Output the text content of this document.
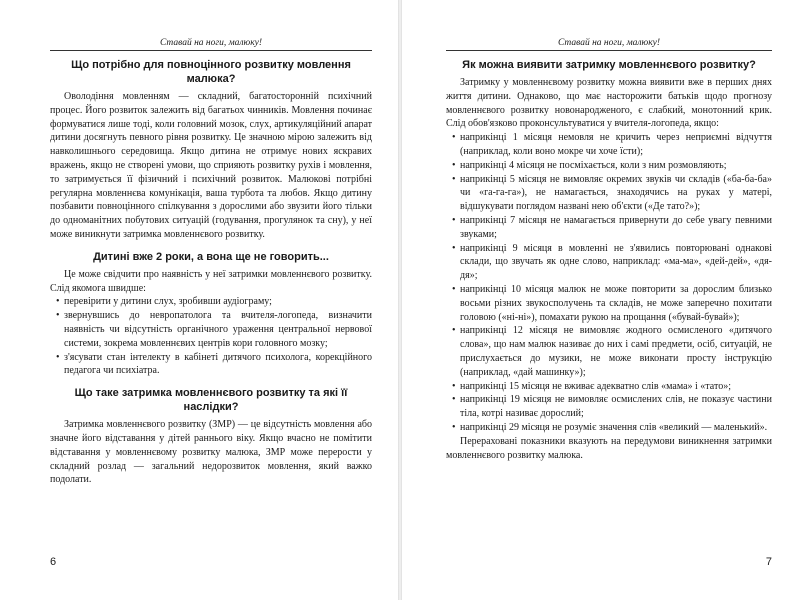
Ставай на ноги, малюку!
Що потрібно для повноцінного розвитку мовлення малюка?

Оволодіння мовленням — складний, багатосторонній психічний процес. Його розвиток залежить від багатьох чинників. Мовлення починає формуватися лише тоді, коли головний мозок, слух, артикуляційний апарат дитини досягнуть певного рівня розвитку. Це значною мірою залежить від навколишнього середовища. Якщо дитина не отримує нових яскравих вражень, якщо не створені умови, що сприяють розвитку рухів і мовлення, то затримується її фізичний і психічний розвиток. Малюкові потрібні регулярна мовленнєва комунікація, ваша турбота та любов. Якщо дитину позбавити повноцінного спілкування з дорослими або звузити його тільки до одноманітних побутових ситуацій (годування, прогулянок та сну), у неї може виникнути затримка мовленнєвого розвитку.

Дитині вже 2 роки, а вона ще не говорить...

Це може свідчити про наявність у неї затримки мовленнєвого розвитку. Слід якомога швидше:

• перевірити у дитини слух, зробивши аудіограму;
• звернувшись до невропатолога та вчителя-логопеда, визначити наявність чи відсутність органічного ураження центральної нервової системи, зокрема мовленнєвих центрів кори головного мозку;
• з'ясувати стан інтелекту в кабінеті дитячого психолога, корекційного педагога чи психіатра.
Що таке затримка мовленнєвого розвитку та які її наслідки?

Затримка мовленнєвого розвитку (ЗМР) — це відсутність мовлення або значне його відставання у дітей раннього віку. Якщо вчасно не помітити відставання у мовленнєвому розвитку малюка, ЗМР може перерости у складний розлад — загальний недорозвиток мовлення, який важко подолати.

6
Ставай на ноги, малюку!
Як можна виявити затримку мовленнєвого розвитку?

Затримку у мовленнєвому розвитку можна виявити вже в перших днях життя дитини. Однаково, що має насторожити батьків щодо прогнозу мовленнєвого розвитку новонародженого, є слабкий, монотонний крик. Слід обов'язково проконсультуватися у вчителя-логопеда, якщо:

• наприкінці 1 місяця немовля не кричить через неприємні відчуття (наприклад, коли воно мокре чи хоче їсти);
• наприкінці 4 місяця не посміхається, коли з ним розмовляють;
• наприкінці 5 місяця не вимовляє окремих звуків чи складів («ба-ба-ба» чи «га-га-га»), не намагається, знаходячись на руках у матері, відшукувати поглядом названі нею об'єкти («Де тато?»);
• наприкінці 7 місяця не намагається привернути до себе увагу певними звуками;
• наприкінці 9 місяця в мовленні не з'явились повторювані однакові склади, що звучать як одне слово, наприклад: «ма-ма», «дей-дей», «дя-дя»;
• наприкінці 10 місяця малюк не може повторити за дорослим близько восьми різних звукосполучень та складів, не може заперечно похитати головою («ні-ні»), помахати рукою на прощання («бувай-бувай»);
• наприкінці 12 місяця не вимовляє жодного осмисленого «дитячого слова», що нам малюк називає до них і самі предмети, осіб, ситуацій, не прислухається до музики, не може виконати просту інструкцію (наприклад, «дай машинку»);
• наприкінці 15 місяця не вживає адекватно слів «мама» і «тато»;
• наприкінці 19 місяця не вимовляє осмислених слів, не показує частини тіла, котрі називає дорослий;
• наприкінці 29 місяця не розуміє значення слів «великий — маленький».

Перераховані показники вказують на передумови виникнення затримки мовленнєвого розвитку малюка.

7
